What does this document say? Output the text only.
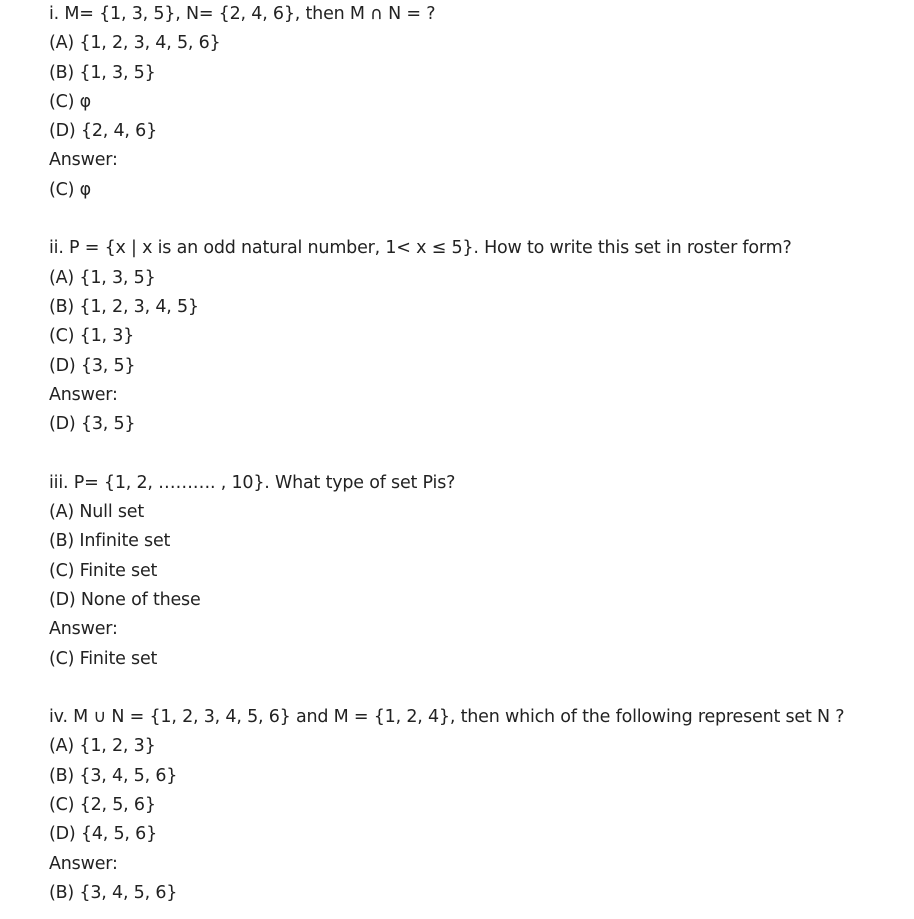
i. M= {1, 3, 5}, N= {2, 4, 6}, then M ∩ N = ?
(A) {1, 2, 3, 4, 5, 6}
(B) {1, 3, 5}
(C) φ
(D) {2, 4, 6}
Answer:
(C) φ
ii. P = {x | x is an odd natural number, 1< x ≤ 5}. How to write this set in roster form?
(A) {1, 3, 5}
(B) {1, 2, 3, 4, 5}
(C) {1, 3}
(D) {3, 5}
Answer:
(D) {3, 5}
iii. P= {1, 2, ………. , 10}. What type of set Pis?
(A) Null set
(B) Infinite set
(C) Finite set
(D) None of these
Answer:
(C) Finite set
iv. M ∪ N = {1, 2, 3, 4, 5, 6} and M = {1, 2, 4}, then which of the following represent set N ?
(A) {1, 2, 3}
(B) {3, 4, 5, 6}
(C) {2, 5, 6}
(D) {4, 5, 6}
Answer:
(B) {3, 4, 5, 6}
